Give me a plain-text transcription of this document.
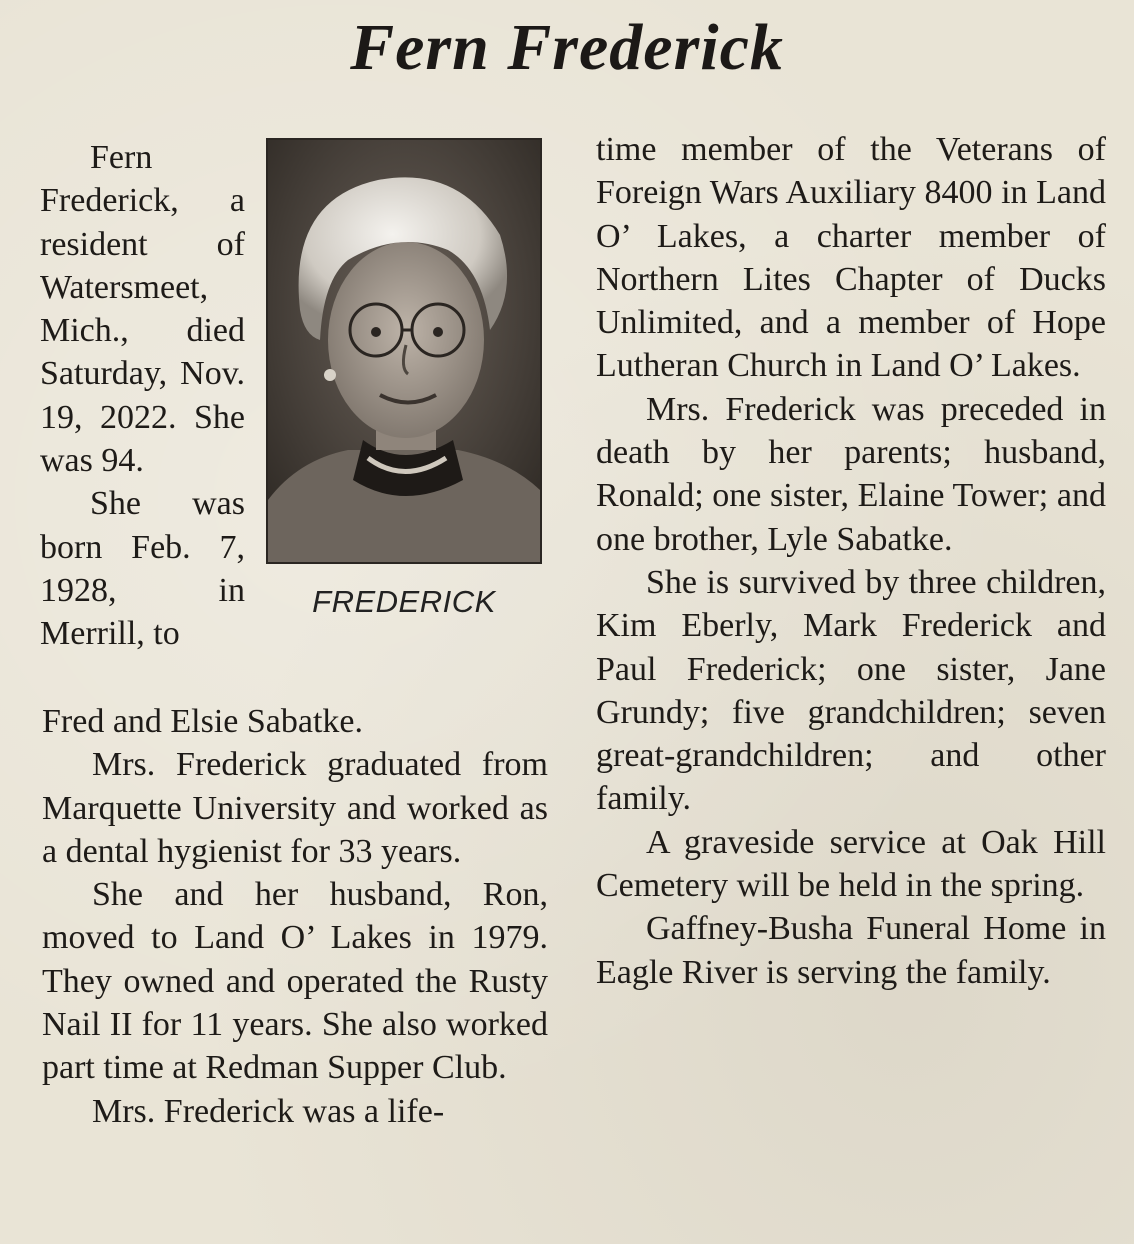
Fern Frederick

Fern Frederick, a resident of Watersmeet, Mich., died Saturday, Nov. 19, 2022. She was 94.

She was born Feb. 7, 1928, in Merrill, to

FREDERICK

Fred and Elsie Sabatke.

Mrs. Frederick graduated from Marquette University and worked as a dental hygienist for 33 years.

She and her husband, Ron, moved to Land O’ Lakes in 1979. They owned and operated the Rusty Nail II for 11 years. She also worked part time at Redman Supper Club.

Mrs. Frederick was a life-

time member of the Veterans of Foreign Wars Auxiliary 8400 in Land O’ Lakes, a charter member of Northern Lites Chapter of Ducks Unlimited, and a member of Hope Lutheran Church in Land O’ Lakes.

Mrs. Frederick was preceded in death by her parents; husband, Ronald; one sister, Elaine Tower; and one brother, Lyle Sabatke.

She is survived by three children, Kim Eberly, Mark Frederick and Paul Frederick; one sister, Jane Grundy; five grandchildren; seven great-grandchildren; and other family.

A graveside service at Oak Hill Cemetery will be held in the spring.

Gaffney-Busha Funeral Home in Eagle River is serving the family.
